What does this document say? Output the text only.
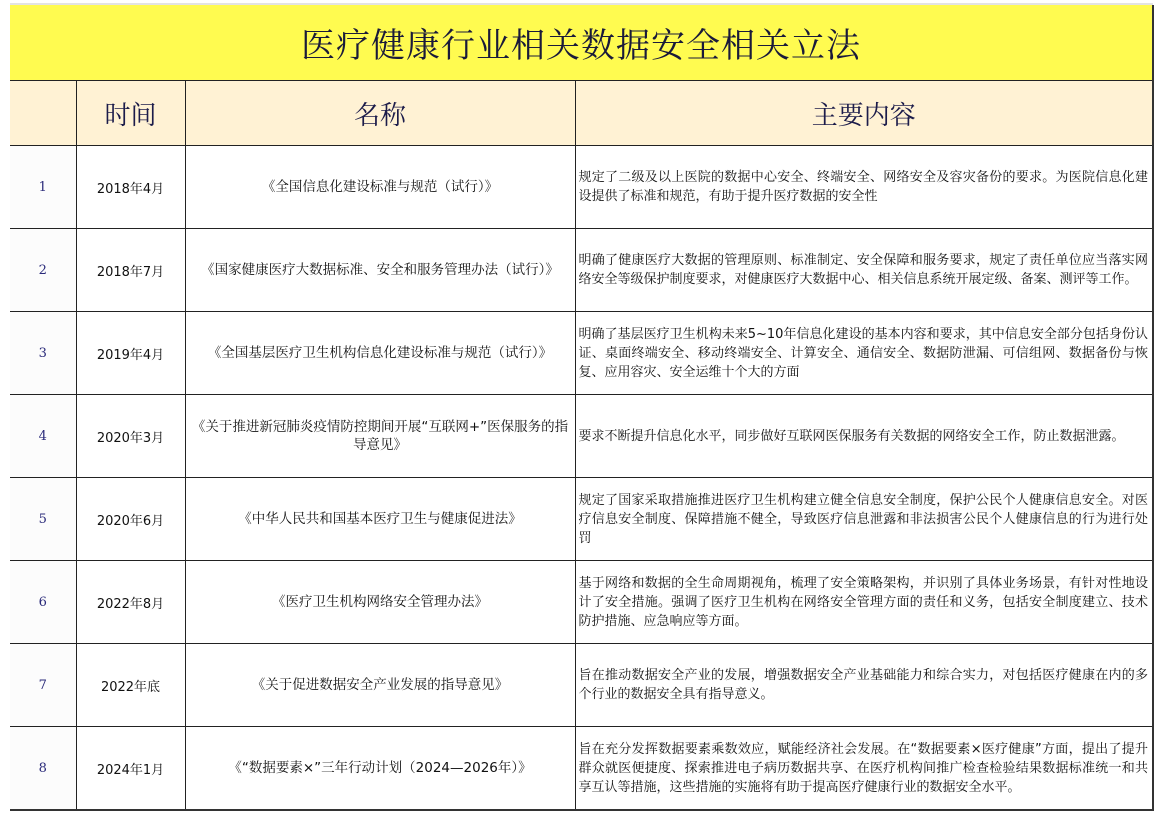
医疗健康行业相关数据安全相关立法			
	时间	名称	主要内容
1	2018年4月	《全国信息化建设标准与规范（试行）》	规定了二级及以上医院的数据中心安全、终端安全、网络安全及容灾备份的要求。为医院信息化建设提供了标准和规范，有助于提升医疗数据的安全性
2	2018年7月	《国家健康医疗大数据标准、安全和服务管理办法（试行）》	明确了健康医疗大数据的管理原则、标准制定、安全保障和服务要求，规定了责任单位应当落实网络安全等级保护制度要求，对健康医疗大数据中心、相关信息系统开展定级、备案、测评等工作。
3	2019年4月	《全国基层医疗卫生机构信息化建设标准与规范（试行）》	明确了基层医疗卫生机构未来5~10年信息化建设的基本内容和要求，其中信息安全部分包括身份认证、桌面终端安全、移动终端安全、计算安全、通信安全、数据防泄漏、可信组网、数据备份与恢复、应用容灾、安全运维十个大的方面
4	2020年3月	《关于推进新冠肺炎疫情防控期间开展“互联网+”医保服务的指导意见》	要求不断提升信息化水平，同步做好互联网医保服务有关数据的网络安全工作，防止数据泄露。
5	2020年6月	《中华人民共和国基本医疗卫生与健康促进法》	规定了国家采取措施推进医疗卫生机构建立健全信息安全制度，保护公民个人健康信息安全。对医疗信息安全制度、保障措施不健全，导致医疗信息泄露和非法损害公民个人健康信息的行为进行处罚
6	2022年8月	《医疗卫生机构网络安全管理办法》	基于网络和数据的全生命周期视角，梳理了安全策略架构，并识别了具体业务场景，有针对性地设计了安全措施。强调了医疗卫生机构在网络安全管理方面的责任和义务，包括安全制度建立、技术防护措施、应急响应等方面。
7	2022年底	《关于促进数据安全产业发展的指导意见》	旨在推动数据安全产业的发展，增强数据安全产业基础能力和综合实力，对包括医疗健康在内的多个行业的数据安全具有指导意义。
8	2024年1月	《“数据要素×”三年行动计划（2024—2026年）》	旨在充分发挥数据要素乘数效应，赋能经济社会发展。在“数据要素×医疗健康”方面，提出了提升群众就医便捷度、探索推进电子病历数据共享、在医疗机构间推广检查检验结果数据标准统一和共享互认等措施，这些措施的实施将有助于提高医疗健康行业的数据安全水平。
